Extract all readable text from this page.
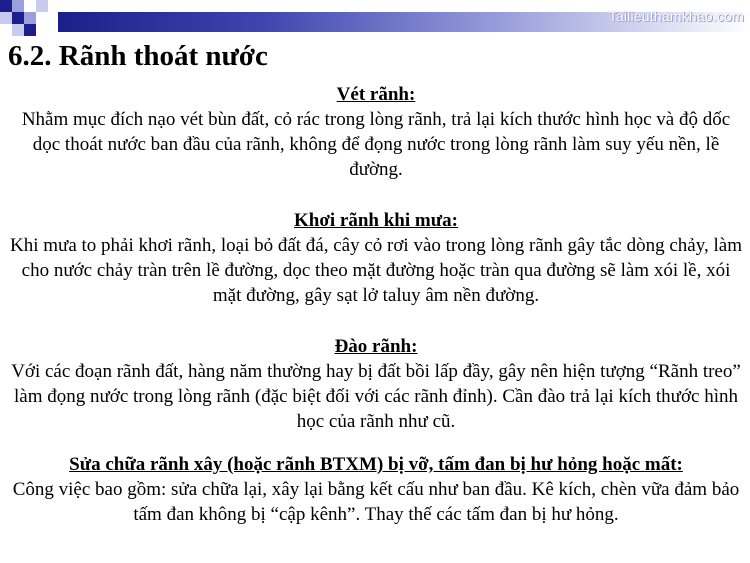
Tailieuthamkhao.com
6.2. Rãnh thoát nước
Vét rãnh:
Nhằm mục đích nạo vét bùn đất, cỏ rác trong lòng rãnh, trả lại kích thước hình học và độ dốc dọc thoát nước ban đầu của rãnh, không để đọng nước trong lòng rãnh làm suy yếu nền, lề đường.
Khơi rãnh khi mưa:
Khi mưa to phải khơi rãnh, loại bỏ đất đá, cây cỏ rơi vào trong lòng rãnh gây tắc dòng chảy, làm cho nước chảy tràn trên lề đường, dọc theo mặt đường hoặc tràn qua đường sẽ làm xói lề, xói mặt đường, gây sạt lở taluy âm nền đường.
Đào rãnh:
Với các đoạn rãnh đất, hàng năm thường hay bị đất bồi lấp đầy, gây nên hiện tượng “Rãnh treo” làm đọng nước trong lòng rãnh (đặc biệt đối với các rãnh đỉnh). Cần đào trả lại kích thước hình học của rãnh như cũ.
Sửa chữa rãnh xây (hoặc rãnh BTXM) bị vỡ, tấm đan bị hư hỏng hoặc mất:
Công việc bao gồm: sửa chữa lại, xây lại bằng kết cấu như ban đầu. Kê kích, chèn vữa đảm bảo tấm đan không bị “cập kênh”. Thay thế các tấm đan bị hư hỏng.
